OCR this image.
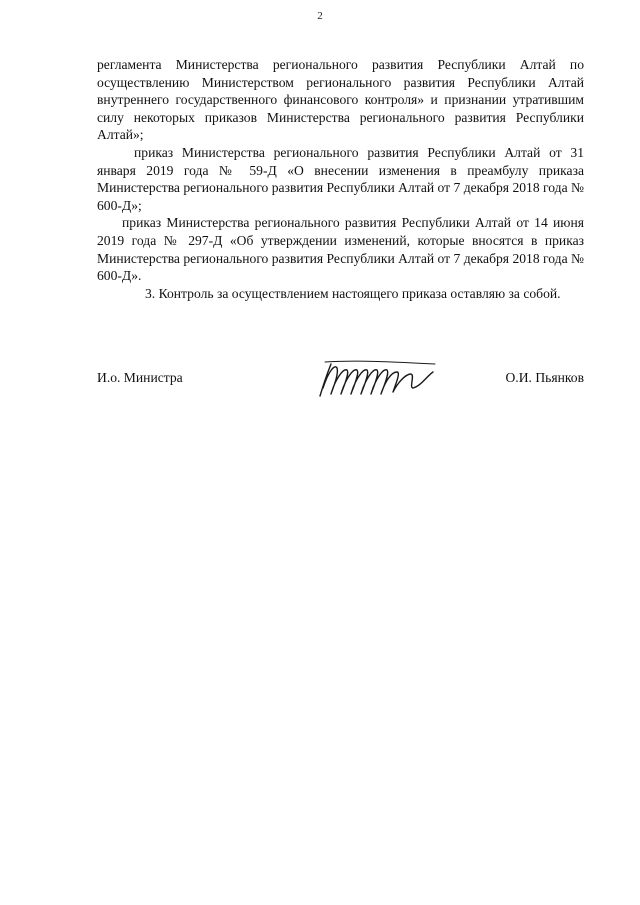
2

регламента Министерства регионального развития Республики Алтай по осуществлению Министерством регионального развития Республики Алтай внутреннего государственного финансового контроля» и признании утратившим силу некоторых приказов Министерства регионального развития Республики Алтай»;

приказ Министерства регионального развития Республики Алтай от 31 января 2019 года № 59-Д «О внесении изменения в преамбулу приказа Министерства регионального развития Республики Алтай от 7 декабря 2018 года № 600-Д»;

приказ Министерства регионального развития Республики Алтай от 14 июня 2019 года № 297-Д «Об утверждении изменений, которые вносятся в приказ Министерства регионального развития Республики Алтай от 7 декабря 2018 года № 600-Д».

3. Контроль за осуществлением настоящего приказа оставляю за собой.

И.о. Министра	О.И. Пьянков
